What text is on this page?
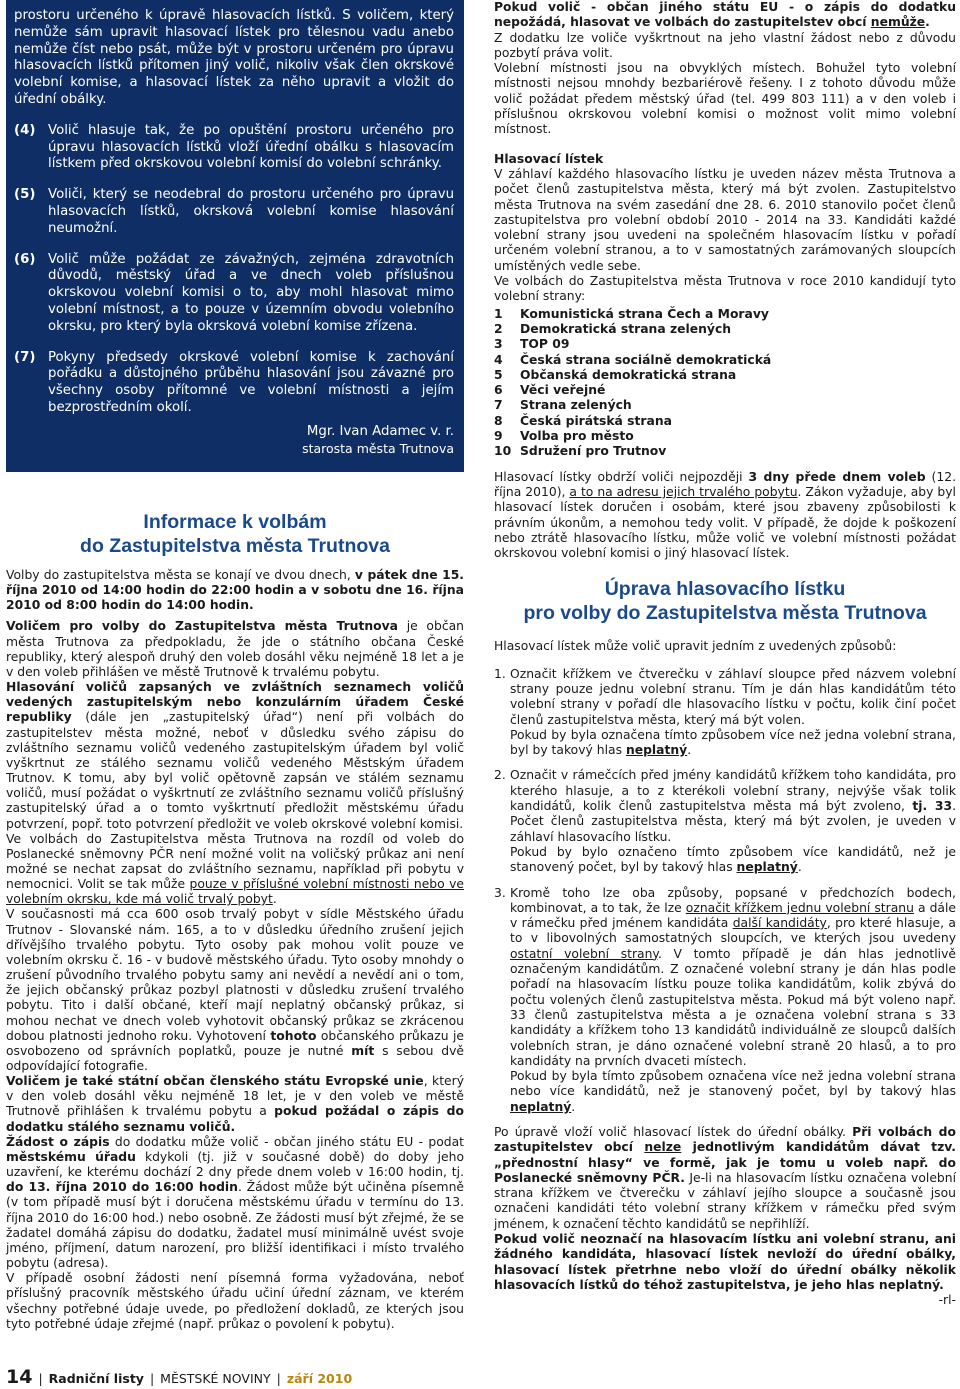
prostoru určeného k úpravě hlasovacích lístků. S voličem, který nemůže sám upravit hlasovací lístek pro tělesnou vadu anebo nemůže číst nebo psát, může být v prostoru určeném pro úpravu hlasovacích lístků přítomen jiný volič, nikoliv však člen okrskové volební komise, a hlasovací lístek za něho upravit a vložit do úřední obálky.

(4) Volič hlasuje tak, že po opuštění prostoru určeného pro úpravu hlasovacích lístků vloží úřední obálku s hlasovacím lístkem před okrskovou volební komisí do volební schránky.
(5) Voliči, který se neodebral do prostoru určeného pro úpravu hlasovacích lístků, okrsková volební komise hlasování neumožní.
(6) Volič může požádat ze závažných, zejména zdravotních důvodů, městský úřad a ve dnech voleb příslušnou okrskovou volební komisi o to, aby mohl hlasovat mimo volební místnost, a to pouze v územním obvodu volebního okrsku, pro který byla okrsková volební komise zřízena.
(7) Pokyny předsedy okrskové volební komise k zachování pořádku a důstojného průběhu hlasování jsou závazné pro všechny osoby přítomné ve volební místnosti a jejím bezprostředním okolí.
Mgr. Ivan Adamec v. r.
starosta města Trutnova
Informace k volbám
do Zastupitelstva města Trutnova

Volby do zastupitelstva města se konají ve dvou dnech, v pátek dne 15. října 2010 od 14:00 hodin do 22:00 hodin a v sobotu dne 16. října 2010 od 8:00 hodin do 14:00 hodin.

Voličem pro volby do Zastupitelstva města Trutnova je občan města Trutnova za předpokladu, že jde o státního občana České republiky, který alespoň druhý den voleb dosáhl věku nejméně 18 let a je v den voleb přihlášen ve městě Trutnově k trvalému pobytu.

Hlasování voličů zapsaných ve zvláštních seznamech voličů vedených zastupitelským nebo konzulárním úřadem České republiky (dále jen „zastupitelský úřad“) není při volbách do zastupitelstev města možné, neboť v důsledku svého zápisu do zvláštního seznamu voličů vedeného zastupitelským úřadem byl volič vyškrtnut ze stálého seznamu voličů vedeného Městským úřadem Trutnov. K tomu, aby byl volič opětovně zapsán ve stálém seznamu voličů, musí požádat o vyškrtnutí ze zvláštního seznamu voličů příslušný zastupitelský úřad a o tomto vyškrtnutí předložit městskému úřadu potvrzení, popř. toto potvrzení předložit ve voleb okrskové volební komisi.

Ve volbách do Zastupitelstva města Trutnova na rozdíl od voleb do Poslanecké sněmovny PČR není možné volit na voličský průkaz ani není možné se nechat zapsat do zvláštního seznamu, například při pobytu v nemocnici. Volit se tak může pouze v příslušné volební místnosti nebo ve volebním okrsku, kde má volič trvalý pobyt.

V současnosti má cca 600 osob trvalý pobyt v sídle Městského úřadu Trutnov - Slovanské nám. 165, a to v důsledku úředního zrušení jejich dřívějšího trvalého pobytu. Tyto osoby pak mohou volit pouze ve volebním okrsku č. 16 - v budově městského úřadu. Tyto osoby mnohdy o zrušení původního trvalého pobytu samy ani nevědí a nevědí ani o tom, že jejich občanský průkaz pozbyl platnosti v důsledku zrušení trvalého pobytu. Tito i další občané, kteří mají neplatný občanský průkaz, si mohou nechat ve dnech voleb vyhotovit občanský průkaz se zkrácenou dobou platnosti jednoho roku. Vyhotovení tohoto občanského průkazu je osvobozeno od správních poplatků, pouze je nutné mít s sebou dvě odpovídající fotografie.

Voličem je také státní občan členského státu Evropské unie, který v den voleb dosáhl věku nejméně 18 let, je v den voleb ve městě Trutnově přihlášen k trvalému pobytu a pokud požádal o zápis do dodatku stálého seznamu voličů.

Žádost o zápis do dodatku může volič - občan jiného státu EU - podat městskému úřadu kdykoli (tj. již v současné době) do doby jeho uzavření, ke kterému dochází 2 dny přede dnem voleb v 16:00 hodin, tj. do 13. října 2010 do 16:00 hodin. Žádost může být učiněna písemně (v tom případě musí být i doručena městskému úřadu v termínu do 13. října 2010 do 16:00 hod.) nebo osobně. Ze žádosti musí být zřejmé, že se žadatel domáhá zápisu do dodatku, žadatel musí minimálně uvést svoje jméno, příjmení, datum narození, pro bližší identifikaci i místo trvalého pobytu (adresa).

V případě osobní žádosti není písemná forma vyžadována, neboť příslušný pracovník městského úřadu učiní úřední záznam, ve kterém všechny potřebné údaje uvede, po předložení dokladů, ze kterých jsou tyto potřebné údaje zřejmé (např. průkaz o povolení k pobytu).

Pokud volič - občan jiného státu EU - o zápis do dodatku nepožádá, hlasovat ve volbách do zastupitelstev obcí nemůže.

Z dodatku lze voliče vyškrtnout na jeho vlastní žádost nebo z důvodu pozbytí práva volit.

Volební místnosti jsou na obvyklých místech. Bohužel tyto volební místnosti nejsou mnohdy bezbariérově řešeny. I z tohoto důvodu může volič požádat předem městský úřad (tel. 499 803 111) a v den voleb i příslušnou okrskovou volební komisi o možnost volit mimo volební místnost.

Hlasovací lístek

V záhlaví každého hlasovacího lístku je uveden název města Trutnova a počet členů zastupitelstva města, který má být zvolen. Zastupitelstvo města Trutnova na svém zasedání dne 28. 6. 2010 stanovilo počet členů zastupitelstva pro volební období 2010 - 2014 na 33. Kandidáti každé volební strany jsou uvedeni na společném hlasovacím lístku v pořadí určeném volební stranou, a to v samostatných zarámovaných sloupcích umístěných vedle sebe.

Ve volbách do Zastupitelstva města Trutnova v roce 2010 kandidují tyto volební strany:

1	Komunistická strana Čech a Moravy
2	Demokratická strana zelených
3	TOP 09
4	Česká strana sociálně demokratická
5	Občanská demokratická strana
6	Věci veřejné
7	Strana zelených
8	Česká pirátská strana
9	Volba pro město
10 Sdružení pro Trutnov

Hlasovací lístky obdrží voliči nejpozději 3 dny přede dnem voleb (12. října 2010), a to na adresu jejich trvalého pobytu. Zákon vyžaduje, aby byl hlasovací lístek doručen i osobám, které jsou zbaveny způsobilosti k právním úkonům, a nemohou tedy volit. V případě, že dojde k poškození nebo ztrátě hlasovacího lístku, může volič ve volební místnosti požádat okrskovou volební komisi o jiný hlasovací lístek.

Úprava hlasovacího lístku
pro volby do Zastupitelstva města Trutnova

Hlasovací lístek může volič upravit jedním z uvedených způsobů:

1. Označit křížkem ve čtverečku v záhlaví sloupce před názvem volební strany pouze jednu volební stranu. Tím je dán hlas kandidátům této volební strany v pořadí dle hlasovacího lístku v počtu, kolik činí počet členů zastupitelstva města, který má být volen.

Pokud by byla označena tímto způsobem více než jedna volební strana, byl by takový hlas neplatný.

2. Označit v rámečcích před jmény kandidátů křížkem toho kandidáta, pro kterého hlasuje, a to z kterékoli volební strany, nejvýše však tolik kandidátů, kolik členů zastupitelstva města má být zvoleno, tj. 33. Počet členů zastupitelstva města, který má být zvolen, je uveden v záhlaví hlasovacího lístku.

Pokud by bylo označeno tímto způsobem více kandidátů, než je stanovený počet, byl by takový hlas neplatný.

3. Kromě toho lze oba způsoby, popsané v předchozích bodech, kombinovat, a to tak, že lze označit křížkem jednu volební stranu a dále v rámečku před jménem kandidáta další kandidáty, pro které hlasuje, a to v libovolných samostatných sloupcích, ve kterých jsou uvedeny ostatní volební strany. V tomto případě je dán hlas jednotlivě označeným kandidátům. Z označené volební strany je dán hlas podle pořadí na hlasovacím lístku pouze tolika kandidátům, kolik zbývá do počtu volených členů zastupitelstva města. Pokud má být voleno např. 33 členů zastupitelstva města a je označena volební strana s 33 kandidáty a křížkem toho 13 kandidátů individuálně ze sloupců dalších volebních stran, je dáno označené volební straně 20 hlasů, a to pro kandidáty na prvních dvaceti místech.

Pokud by byla tímto způsobem označena více než jedna volební strana nebo více kandidátů, než je stanovený počet, byl by takový hlas neplatný.

Po úpravě vloží volič hlasovací lístek do úřední obálky. Při volbách do zastupitelstev obcí nelze jednotlivým kandidátům dávat tzv. „přednostní hlasy“ ve formě, jak je tomu u voleb např. do Poslanecké sněmovny PČR. Je-li na hlasovacím lístku označena volební strana křížkem ve čtverečku v záhlaví jejího sloupce a současně jsou označeni kandidáti této volební strany křížkem v rámečku před svým jménem, k označení těchto kandidátů se nepřihlíží.

Pokud volič neoznačí na hlasovacím lístku ani volební stranu, ani žádného kandidáta, hlasovací lístek nevloží do úřední obálky, hlasovací lístek přetrhne nebo vloží do úřední obálky několik hlasovacích lístků do téhož zastupitelstva, je jeho hlas neplatný.

-rl-

14 | Radniční listy | MĚSTSKÉ NOVINY | září 2010
